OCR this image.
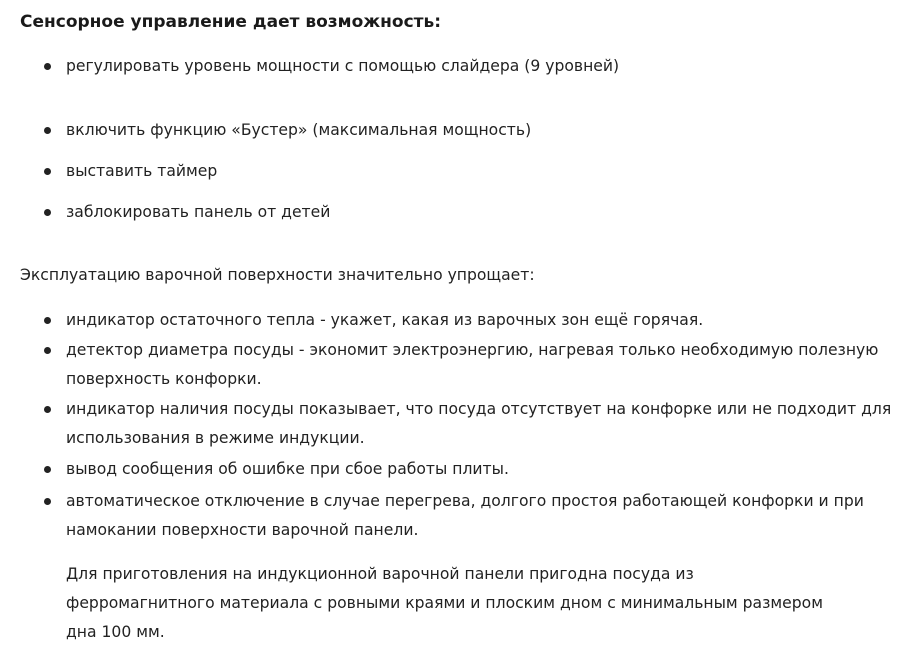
Сенсорное управление дает возможность:
регулировать уровень мощности с помощью слайдера (9 уровней)
включить функцию «Бустер» (максимальная мощность)
выставить таймер
заблокировать панель от детей
Эксплуатацию варочной поверхности значительно упрощает:
индикатор остаточного тепла - укажет, какая из варочных зон ещё горячая.
детектор диаметра посуды - экономит электроэнергию, нагревая только необходимую полезную поверхность конфорки.
индикатор наличия посуды показывает, что посуда отсутствует на конфорке или не подходит для использования в режиме индукции.
вывод сообщения об ошибке при сбое работы плиты.
автоматическое отключение в случае перегрева, долгого простоя работающей конфорки и при намокании поверхности варочной панели.
Для приготовления на индукционной варочной панели пригодна посуда из ферромагнитного материала с ровными краями и плоским дном с минимальным размером дна 100 мм.
